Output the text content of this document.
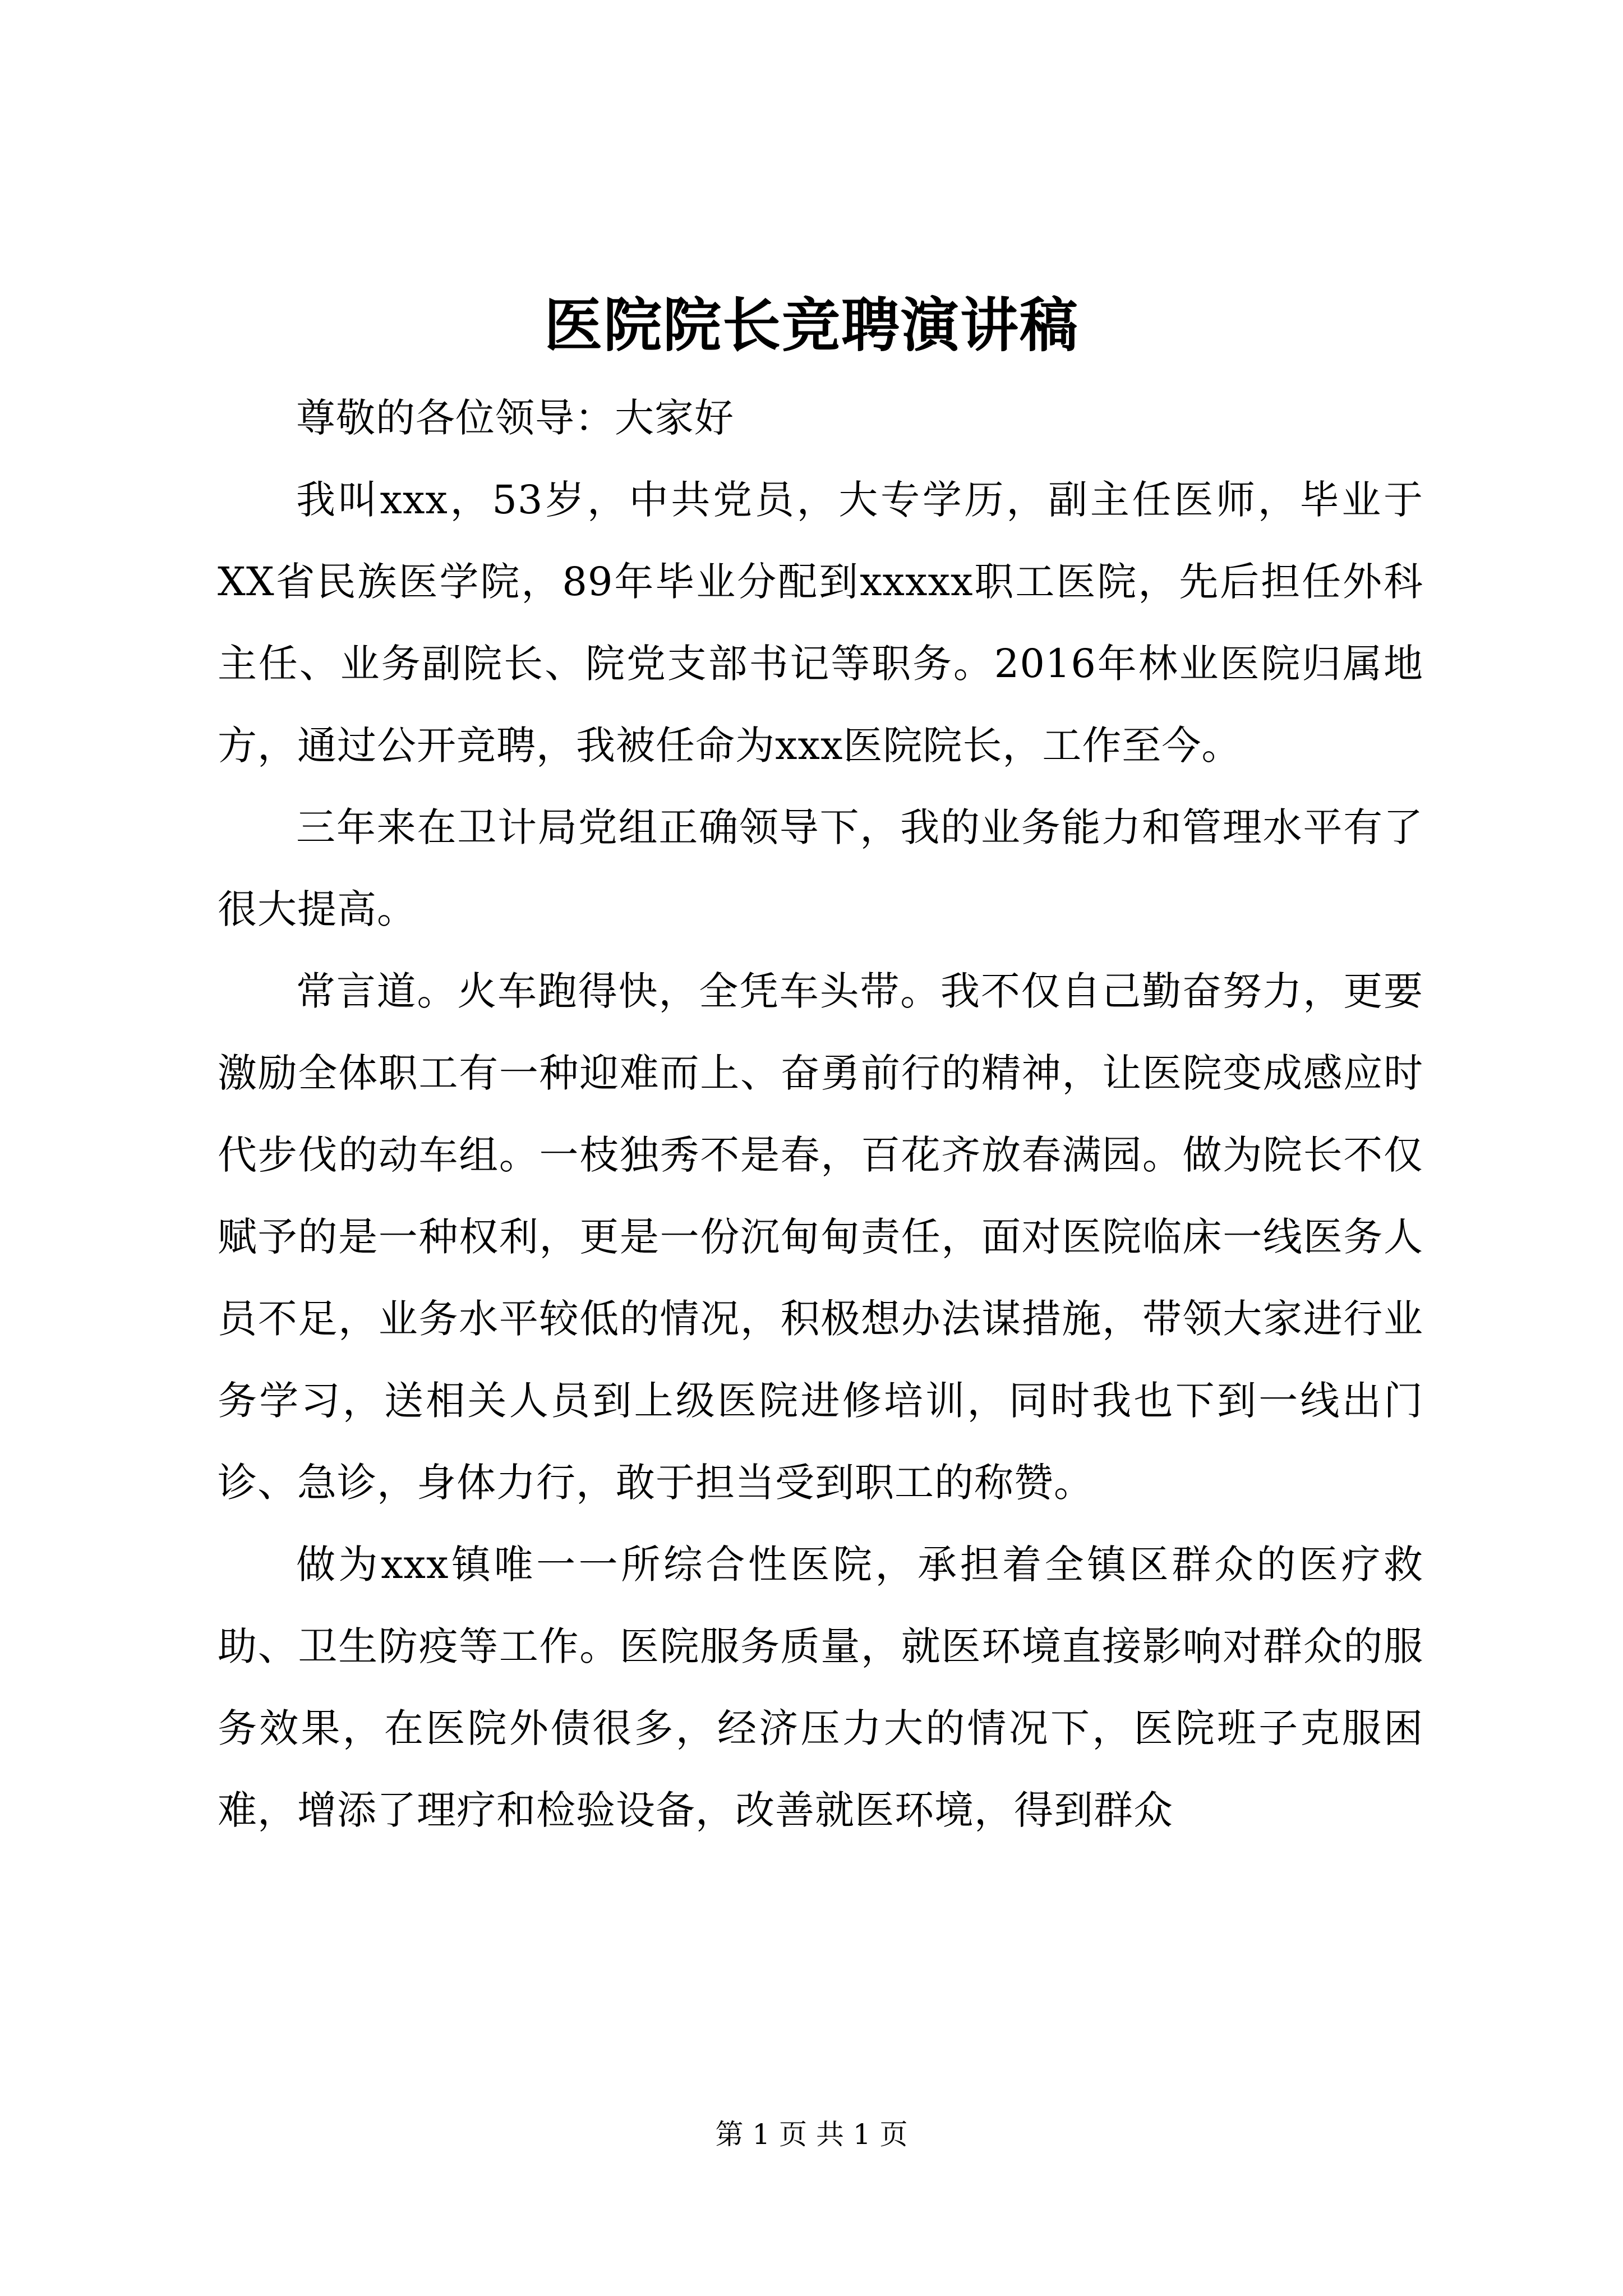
医院院长竞聘演讲稿

尊敬的各位领导：大家好

我叫xxx，53岁，中共党员，大专学历，副主任医师，毕业于XX省民族医学院，89年毕业分配到xxxxx职工医院，先后担任外科主任、业务副院长、院党支部书记等职务。2016年林业医院归属地方，通过公开竞聘，我被任命为xxx医院院长，工作至今。

三年来在卫计局党组正确领导下，我的业务能力和管理水平有了很大提高。

常言道。火车跑得快，全凭车头带。我不仅自己勤奋努力，更要激励全体职工有一种迎难而上、奋勇前行的精神，让医院变成感应时代步伐的动车组。一枝独秀不是春，百花齐放春满园。做为院长不仅赋予的是一种权利，更是一份沉甸甸责任，面对医院临床一线医务人员不足，业务水平较低的情况，积极想办法谋措施，带领大家进行业务学习，送相关人员到上级医院进修培训，同时我也下到一线出门诊、急诊，身体力行，敢于担当受到职工的称赞。

做为xxx镇唯一一所综合性医院，承担着全镇区群众的医疗救助、卫生防疫等工作。医院服务质量，就医环境直接影响对群众的服务效果，在医院外债很多，经济压力大的情况下，医院班子克服困难，增添了理疗和检验设备，改善就医环境，得到群众

第 1 页 共 1 页
